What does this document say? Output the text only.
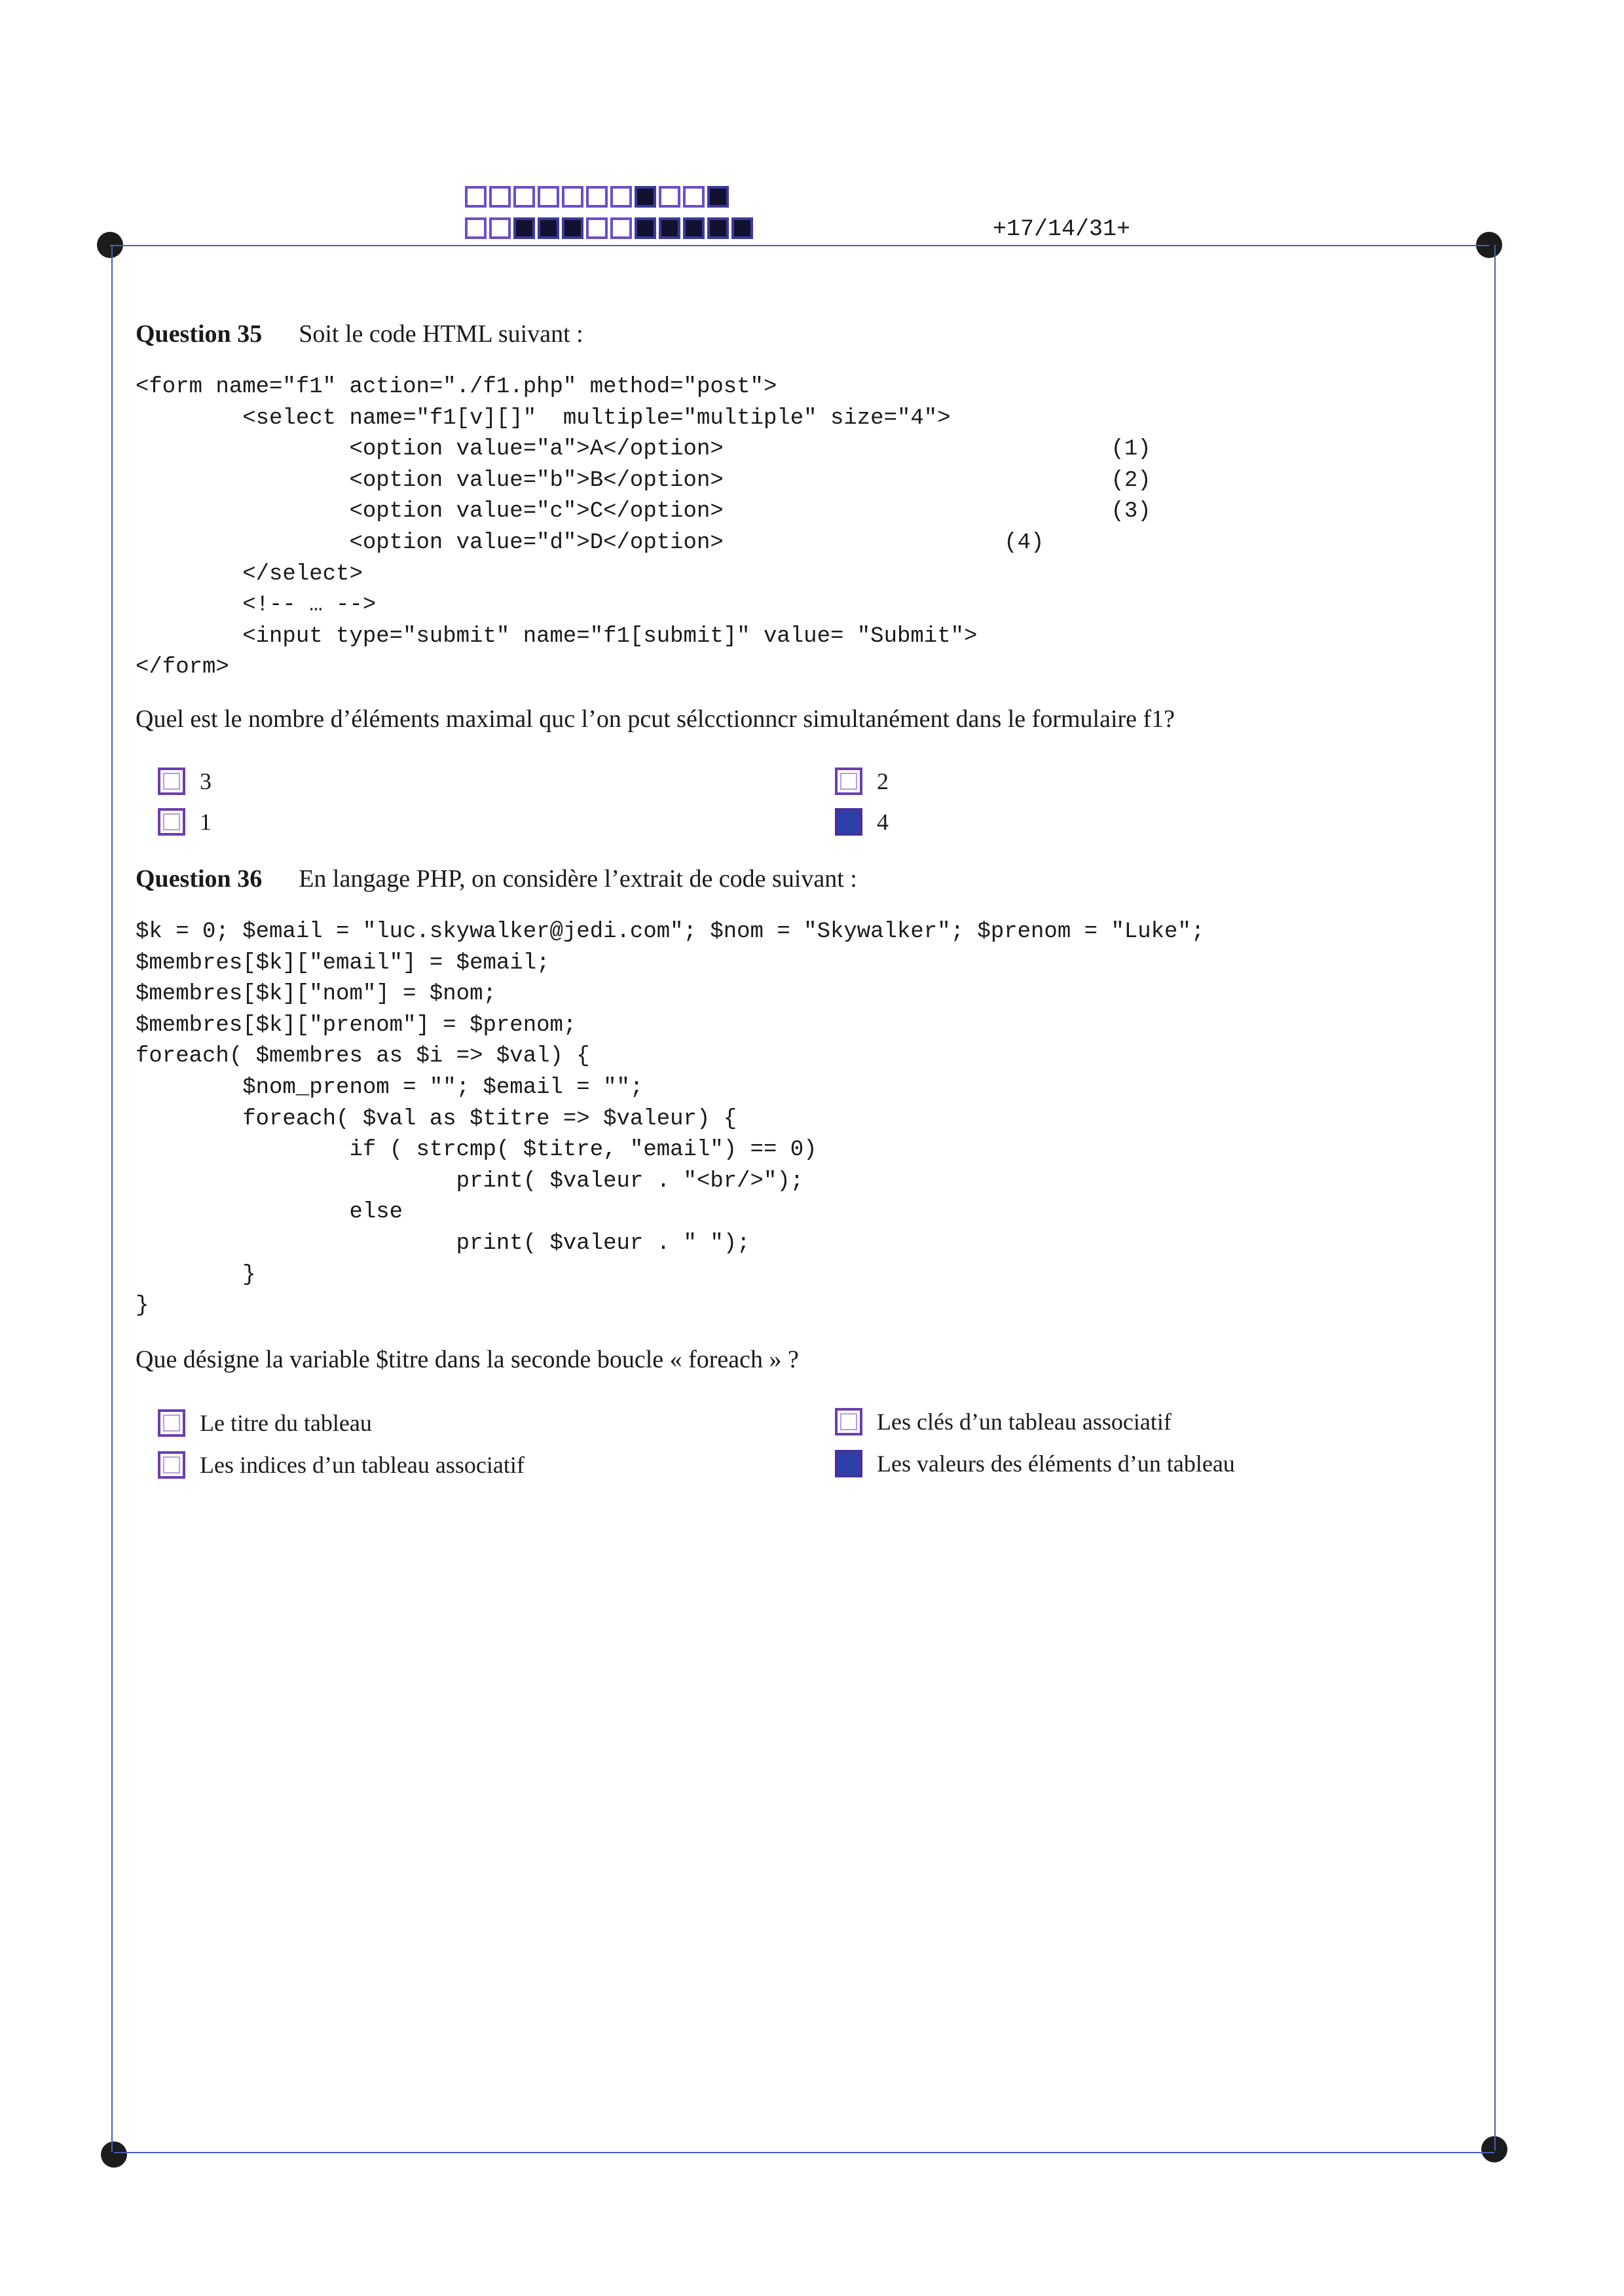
+17/14/31+
Question 35 Soit le code HTML suivant :
<form name="f1" action="./f1.php" method="post">
<select name="f1[v][]"  multiple="multiple" size="4">
<option value="a">A</option>                             (1)
<option value="b">B</option>                             (2)
<option value="c">C</option>                             (3)
<option value="d">D</option>                     (4)
</select>
<!-- … -->
<input type="submit" name="f1[submit]" value= "Submit">
</form>
Quel est le nombre d’éléments maximal quc l’on pcut sélcctionncr simultanément dans le formulaire f1?
3	2
1	4
Question 36 En langage PHP, on considère l’extrait de code suivant :
$k = 0; $email = "luc.skywalker@jedi.com"; $nom = "Skywalker"; $prenom = "Luke";
$membres[$k]["email"] = $email;
$membres[$k]["nom"] = $nom;
$membres[$k]["prenom"] = $prenom;
foreach( $membres as $i => $val) {
$nom_prenom = ""; $email = "";
foreach( $val as $titre => $valeur) {
if ( strcmp( $titre, "email") == 0)
print( $valeur . "<br/>");
else
print( $valeur . " ");
}
}
Que désigne la variable $titre dans la seconde boucle « foreach » ?
Le titre du tableau	Les clés d’un tableau associatif
Les indices d’un tableau associatif	Les valeurs des éléments d’un tableau
